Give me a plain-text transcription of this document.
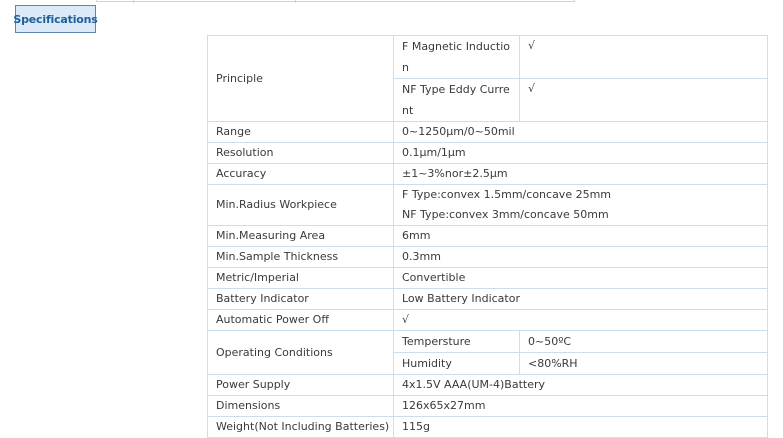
Specifications
Principle	F Magnetic Induction	√
	NF Type Eddy Current	√
Range	0~1250μm/0~50mil	
Resolution	0.1μm/1μm	
Accuracy	±1~3%nor±2.5μm	
Min.Radius Workpiece	F Type:convex 1.5mm/concave 25mm	
	NF Type:convex 3mm/concave 50mm	
Min.Measuring Area	6mm	
Min.Sample Thickness	0.3mm	
Metric/Imperial	Convertible	
Battery Indicator	Low Battery Indicator	
Automatic Power Off	√	
Operating Conditions	Tempersture	0~50ºC
	Humidity	<80%RH
Power Supply	4x1.5V AAA(UM-4)Battery	
Dimensions	126x65x27mm	
Weight(Not Including Batteries)	115g	
